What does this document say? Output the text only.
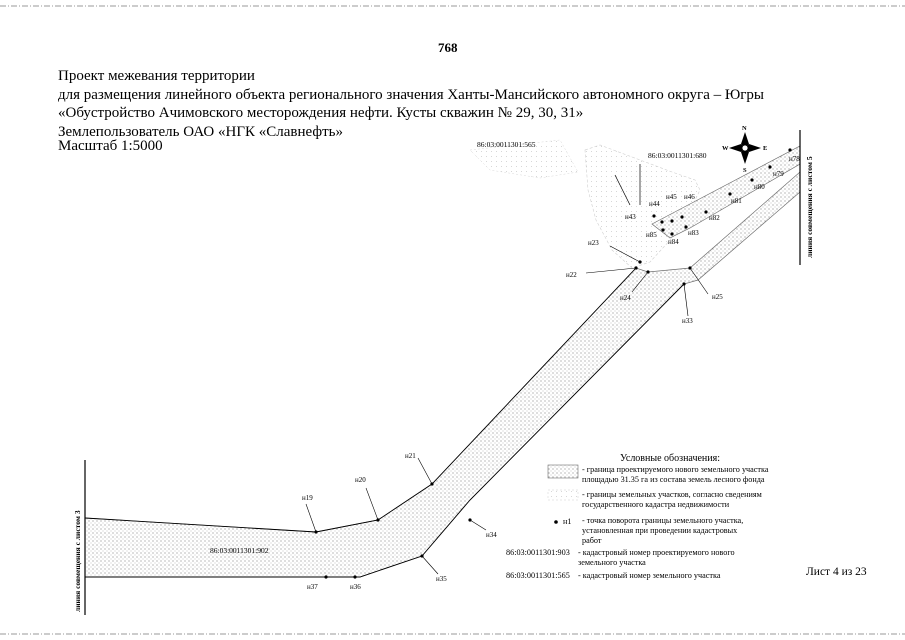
768
Проект межевания территории
для размещения линейного объекта регионального значения Ханты-Мансийского автономного округа – Югры
«Обустройство Ачимовского месторождения нефти. Кусты скважин № 29, 30, 31»
Землепользователь ОАО «НГК «Славнефть»
Масштаб 1:5000
н19
н20
н21
н22
н23
н24	н25
н33
н34
н35
н36
н37
н43
н44
н45 н46
н78
н79
н80
н81
н82
н83
н84
н85
86:03:0011301:565
86:03:0011301:680
86:03:0011301:902
линия совмещения с листом 3
линия совмещения с листом 5
N
S
W	E
Условные обозначения:
- граница проектируемого нового земельного участка площадью 31.35 га из состава земель лесного фонда
- границы земельных участков, согласно сведениям государственного кадастра недвижимости
н1 - точка поворота границы земельного участка, установленная при проведении кадастровых работ
86:03:0011301:903 - кадастровый номер проектируемого нового земельного участка
86:03:0011301:565 - кадастровый номер земельного участка	Лист 4 из 23
